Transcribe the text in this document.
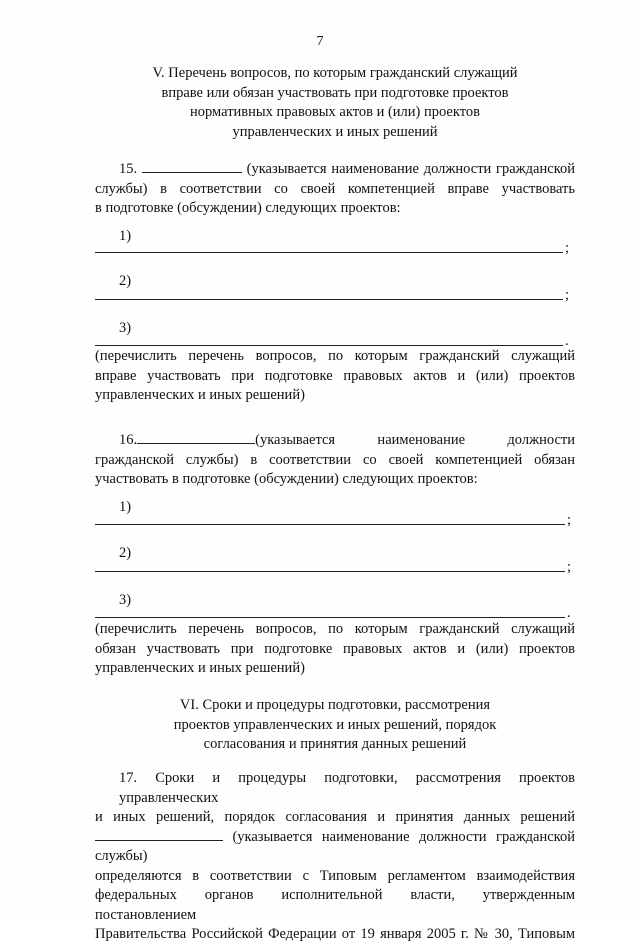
7
V. Перечень вопросов, по которым гражданский служащий
вправе или обязан участвовать при подготовке проектов
нормативных правовых актов и (или) проектов
управленческих и иных решений
15.	(указывается наименование должности гражданской
службы) в соответствии со своей компетенцией вправе участвовать
в подготовке (обсуждении) следующих проектов:
1)
;
2)
;
3)
.
(перечислить перечень вопросов, по которым гражданский служащий
вправе участвовать при подготовке правовых актов и (или) проектов
управленческих и иных решений)
16.	(указывается наименование должности
гражданской службы) в соответствии со своей компетенцией обязан
участвовать в подготовке (обсуждении) следующих проектов:
1)
;
2)
;
3)
.
(перечислить перечень вопросов, по которым гражданский служащий
обязан участвовать при подготовке правовых актов и (или) проектов
управленческих и иных решений)
VI. Сроки и процедуры подготовки, рассмотрения
проектов управленческих и иных решений, порядок
согласования и принятия данных решений
17. Сроки и процедуры подготовки, рассмотрения проектов управленческих
и иных решений, порядок согласования и принятия данных решений
(указывается наименование должности гражданской службы)
определяются в соответствии с Типовым регламентом взаимодействия
федеральных органов исполнительной власти, утвержденным постановлением
Правительства Российской Федерации от 19 января 2005 г. № 30, Типовым
